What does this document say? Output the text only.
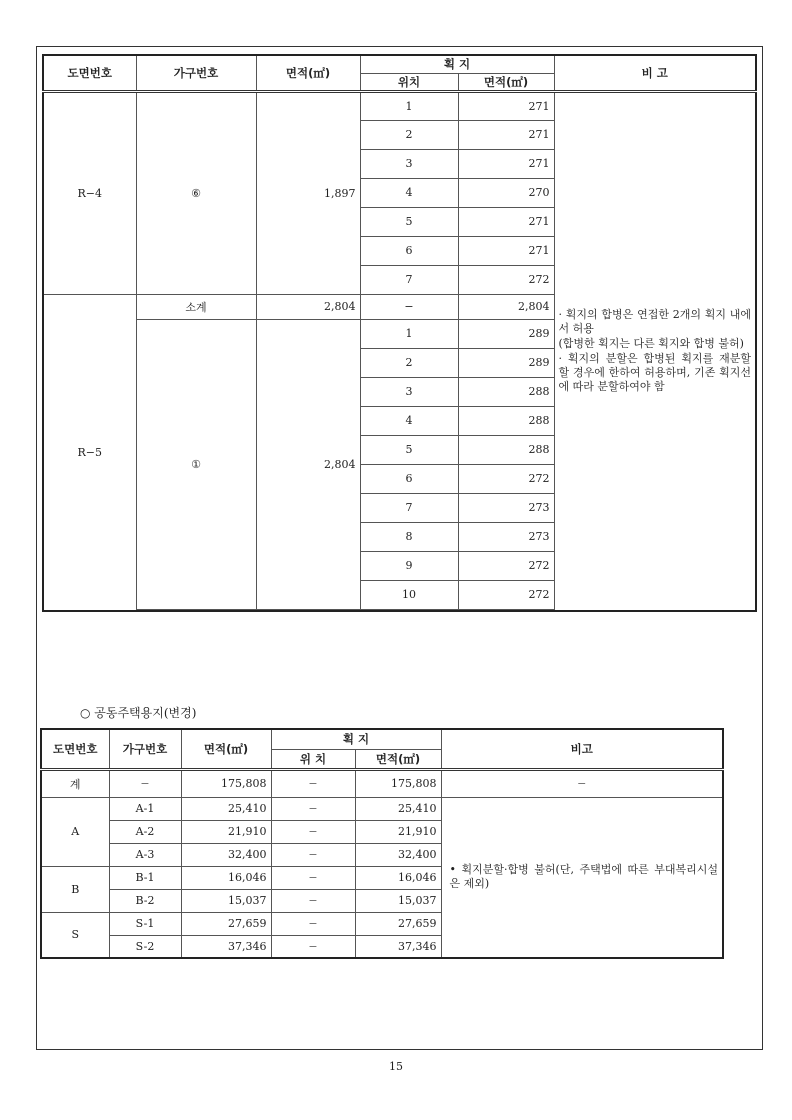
도면번호	가구번호	면적(㎡)	획 지		비 고
			위치	면적(㎡)	
R−4	⑥	1,897	1	271	· 획지의 합병은 연접한 2개의 획지 내에서 허용

(합병한 획지는 다른 획지와 합병 불허)

· 획지의 분할은 합병된 획지를 재분할 할 경우에 한하여 허용하며, 기존 획지선에 따라 분할하여야 함

			2	271	
			3	271	
			4	270	
			5	271	
			6	271	
			7	272	
R−5	소계	2,804	−	2,804	
	①	2,804	1	289	
			2	289	
			3	288	
			4	288	
			5	288	
			6	272	
			7	273	
			8	273	
			9	272	
			10	272	

○ 공동주택용지(변경)
도면번호	가구번호	면적(㎡)	획 지		비고
			위 치	면적(㎡)	
계	−	175,808	−	175,808	−
A	A-1	25,410	−	25,410	• 획지분할·합병 불허(단, 주택법에 따른 부대복리시설은 제외)
	A-2	21,910	−	21,910	
	A-3	32,400	−	32,400	
B	B-1	16,046	−	16,046	
	B-2	15,037	−	15,037	
S	S-1	27,659	−	27,659	
	S-2	37,346	−	37,346	
15
